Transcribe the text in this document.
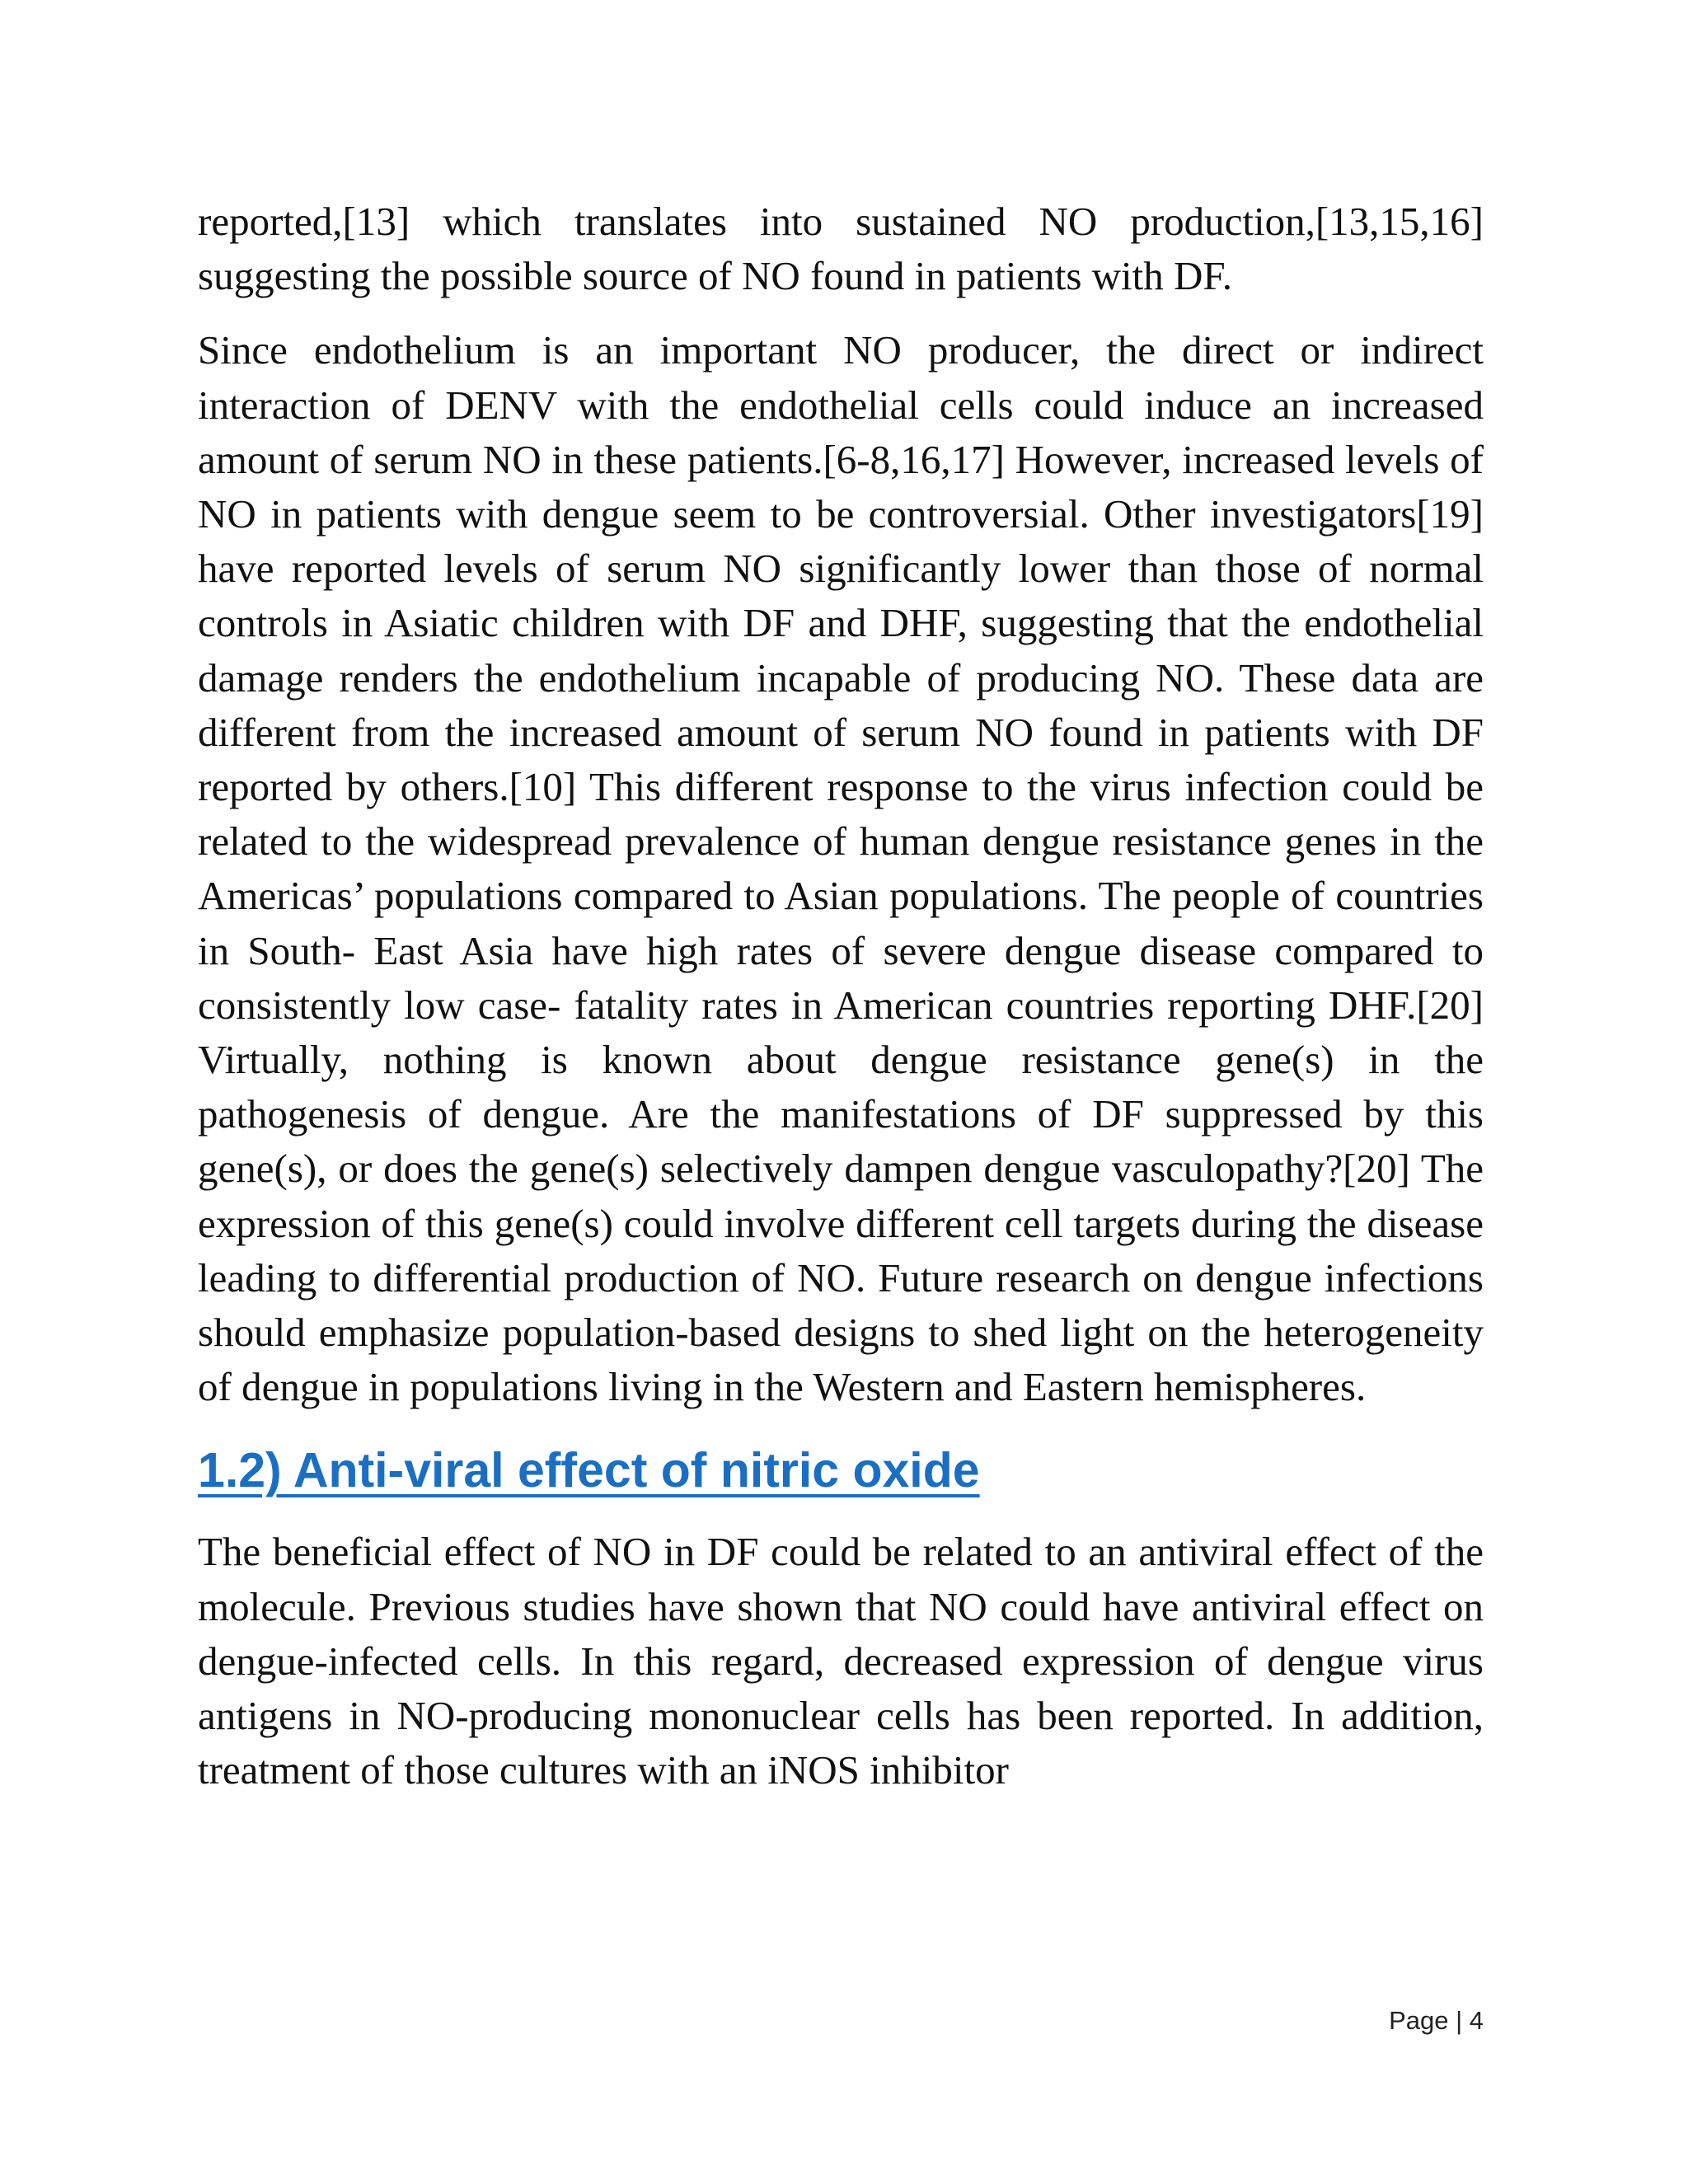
reported,[13] which translates into sustained NO production,[13,15,16] suggesting the possible source of NO found in patients with DF.

Since endothelium is an important NO producer, the direct or indirect interaction of DENV with the endothelial cells could induce an increased amount of serum NO in these patients.[6-8,16,17] However, increased levels of NO in patients with dengue seem to be controversial. Other investigators[19] have reported levels of serum NO significantly lower than those of normal controls in Asiatic children with DF and DHF, suggesting that the endothelial damage renders the endothelium incapable of producing NO. These data are different from the increased amount of serum NO found in patients with DF reported by others.[10] This different response to the virus infection could be related to the widespread prevalence of human dengue resistance genes in the Americas’ populations compared to Asian populations. The people of countries in South- East Asia have high rates of severe dengue disease compared to consistently low case- fatality rates in American countries reporting DHF.[20] Virtually, nothing is known about dengue resistance gene(s) in the pathogenesis of dengue. Are the manifestations of DF suppressed by this gene(s), or does the gene(s) selectively dampen dengue vasculopathy?[20] The expression of this gene(s) could involve different cell targets during the disease leading to differential production of NO. Future research on dengue infections should emphasize population-based designs to shed light on the heterogeneity of dengue in populations living in the Western and Eastern hemispheres.

1.2) Anti-viral effect of nitric oxide

The beneficial effect of NO in DF could be related to an antiviral effect of the molecule. Previous studies have shown that NO could have antiviral effect on dengue-infected cells. In this regard, decreased expression of dengue virus antigens in NO-producing mononuclear cells has been reported. In addition, treatment of those cultures with an iNOS inhibitor

Page | 4
